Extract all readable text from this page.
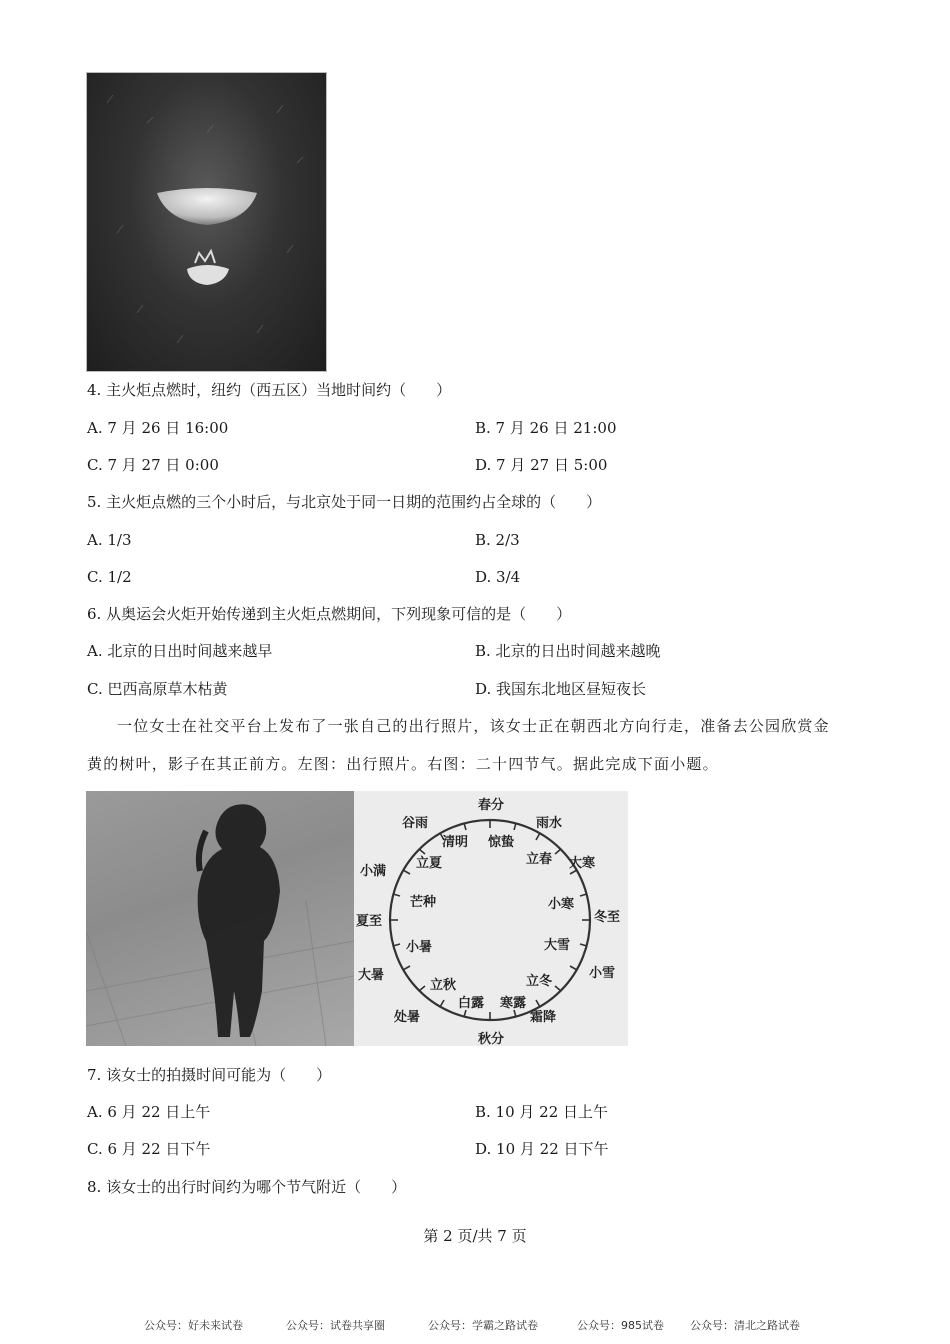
4. 主火炬点燃时，纽约（西五区）当地时间约（　　）
A. 7 月 26 日 16:00	B. 7 月 26 日 21:00
C. 7 月 27 日 0:00	D. 7 月 27 日 5:00
5. 主火炬点燃的三个小时后，与北京处于同一日期的范围约占全球的（　　）
A. 1/3	B. 2/3
C. 1/2	D. 3/4
6. 从奥运会火炬开始传递到主火炬点燃期间，下列现象可信的是（　　）
A. 北京的日出时间越来越早	B. 北京的日出时间越来越晚
C. 巴西高原草木枯黄	D. 我国东北地区昼短夜长
一位女士在社交平台上发布了一张自己的出行照片，该女士正在朝西北方向行走，准备去公园欣赏金
黄的树叶，影子在其正前方。左图：出行照片。右图：二十四节气。据此完成下面小题。
春分
秋分
夏至	冬至
谷雨	雨水
大寒
小满
小雪
大暑
霜降
处暑
清明 惊蛰
立春
立夏
小寒
芒种
大雪
小暑
立冬
立秋
寒露
白露
7. 该女士的拍摄时间可能为（　　）
A. 6 月 22 日上午	B. 10 月 22 日上午
C. 6 月 22 日下午	D. 10 月 22 日下午
8. 该女士的出行时间约为哪个节气附近（　　）
第 2 页/共 7 页
公众号：好未来试卷	公众号：试卷共享圈	公众号：学霸之路试卷	公众号：985试卷 公众号：清北之路试卷
